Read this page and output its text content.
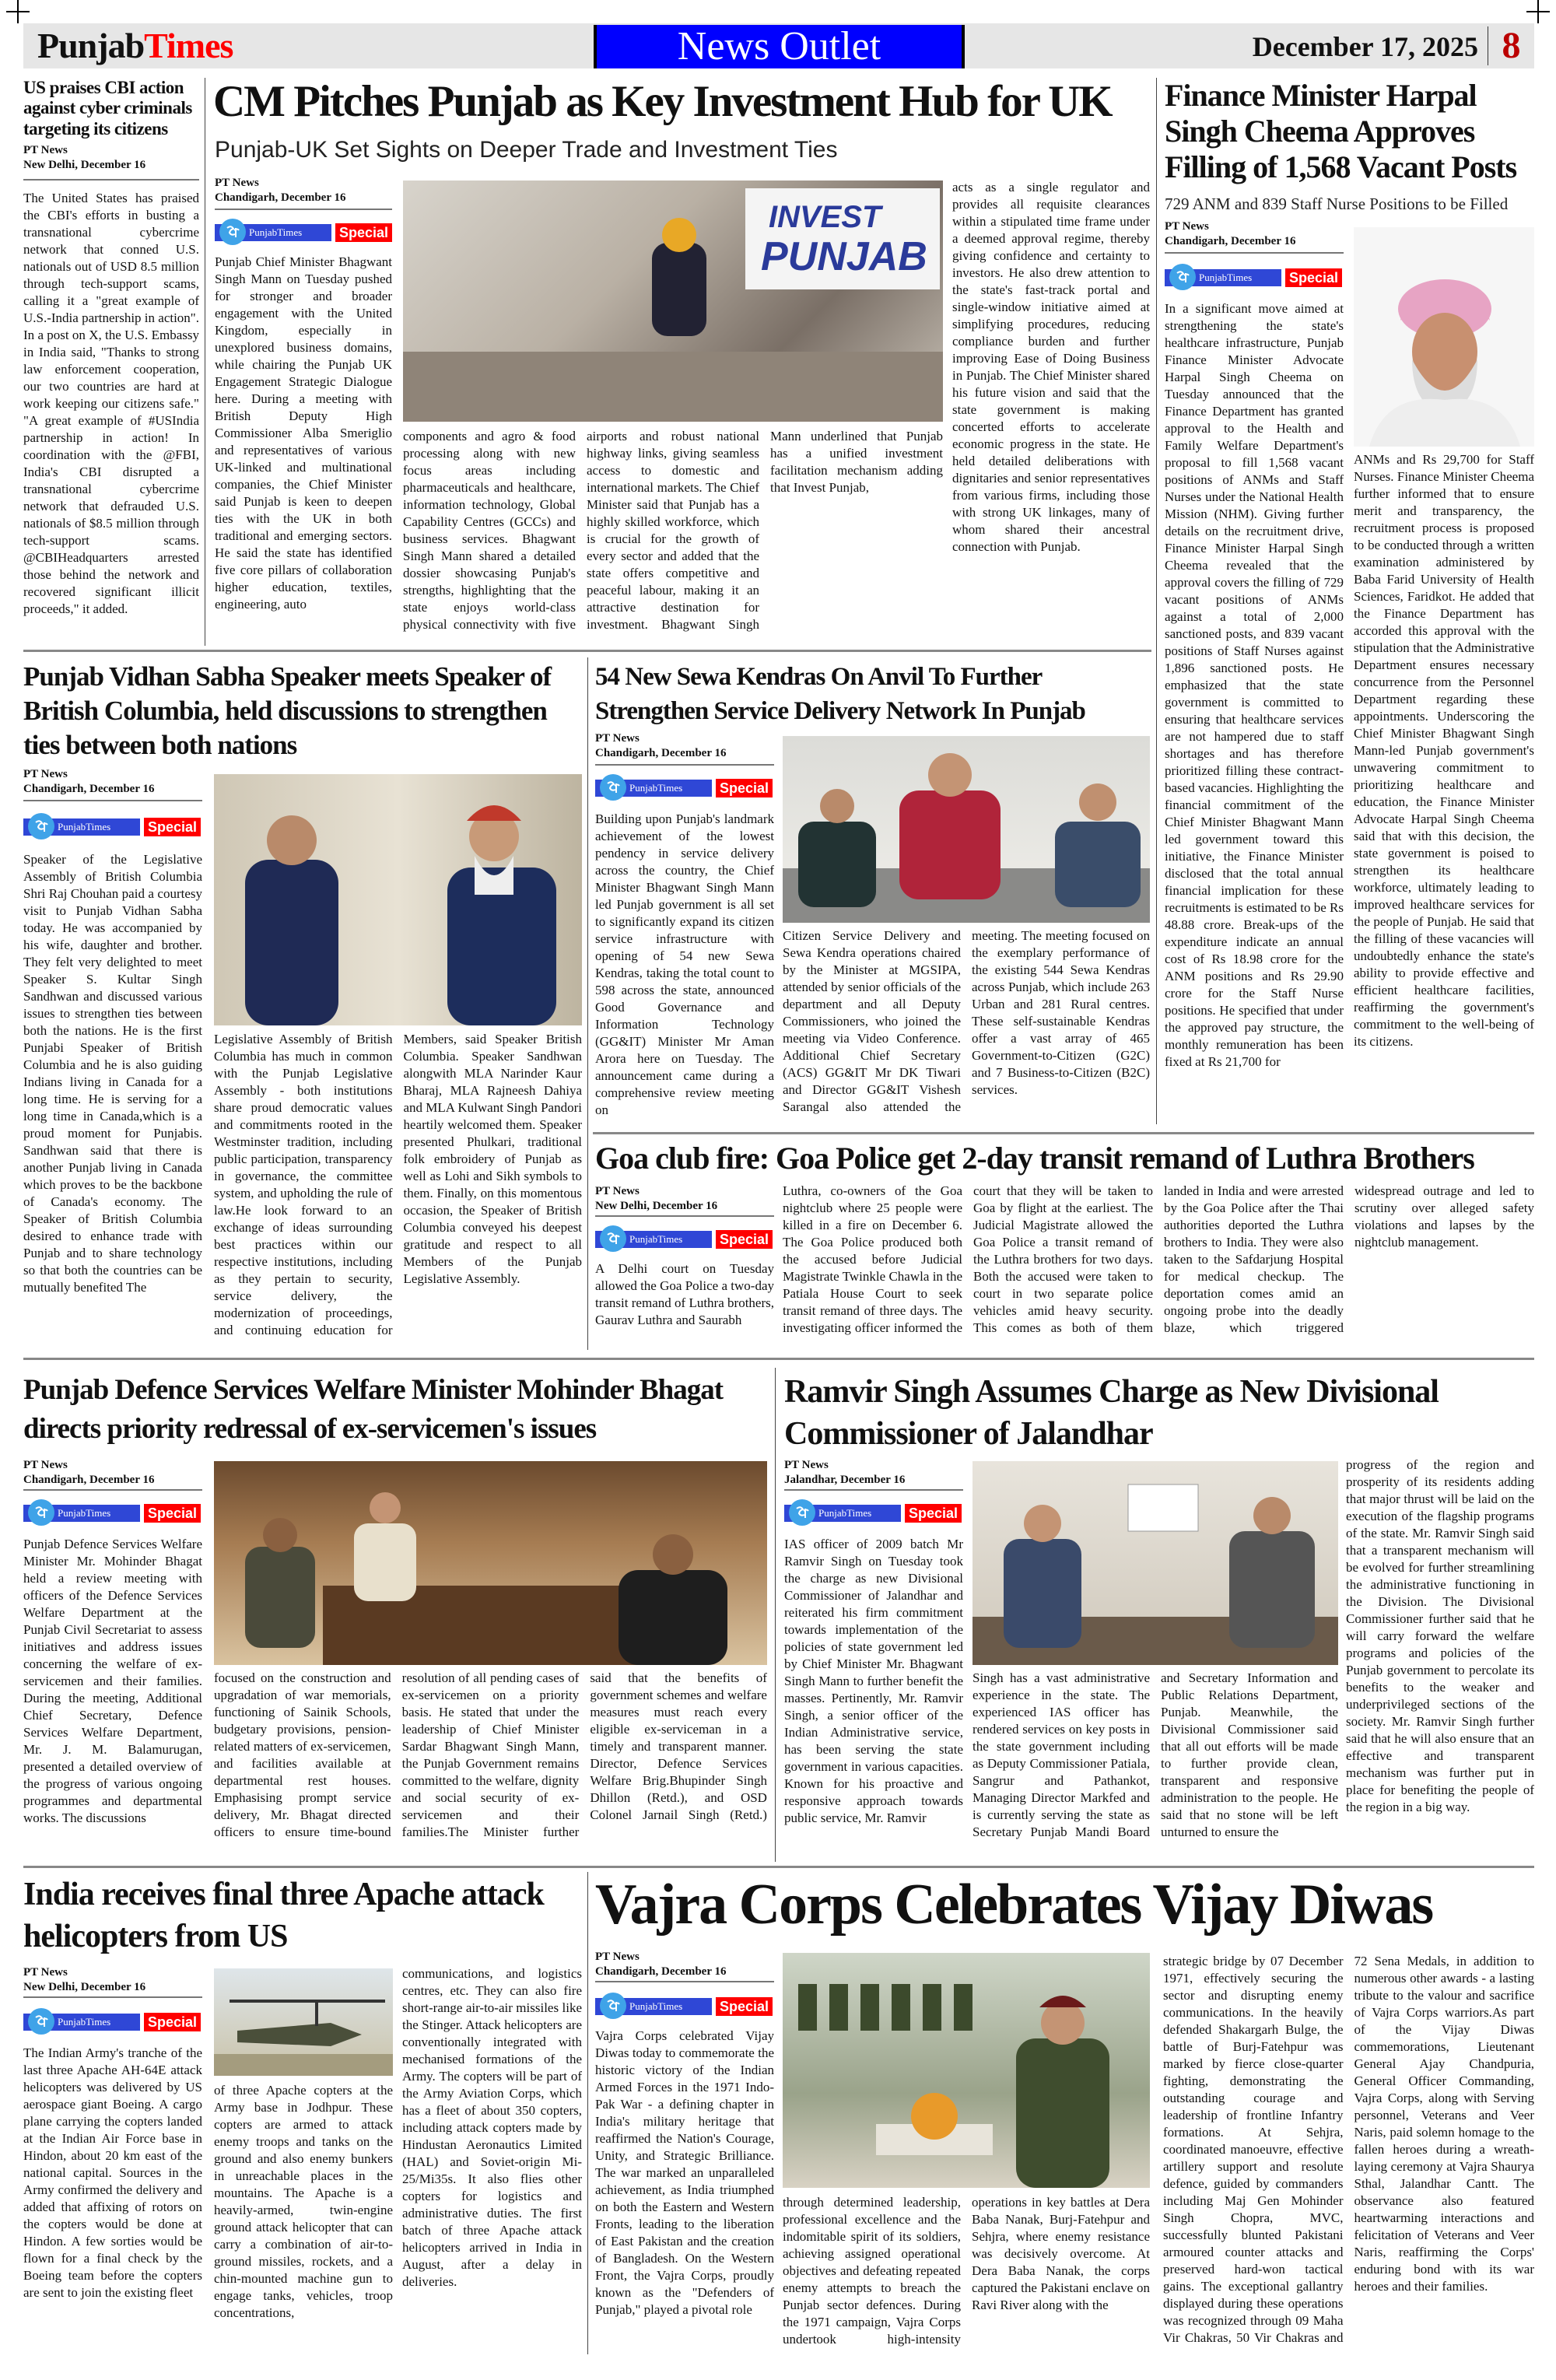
PunjabTimes	News Outlet	December 17, 2025 8
US praises CBI action against cyber criminals targeting its citizens
PT News
New Delhi, December 16
The United States has praised the CBI's efforts in busting a transnational cybercrime network that conned U.S. nationals out of USD 8.5 million through tech-support scams, calling it a "great example of U.S.-India partnership in action". In a post on X, the U.S. Embassy in India said, "Thanks to strong law enforcement cooperation, our two countries are hard at work keeping our citizens safe." "A great example of #USIndia partnership in action! In coordination with the @FBI, India's CBI disrupted a transnational cybercrime network that defrauded U.S. nationals of $8.5 million through tech-support scams. @CBIHeadquarters arrested those behind the network and recovered significant illicit proceeds," it added.
CM Pitches Punjab as Key Investment Hub for UK
Punjab-UK Set Sights on Deeper Trade and Investment Ties
PT News
Chandigarh, December 16
PunjabTimes	Special
Punjab Chief Minister Bhagwant Singh Mann on Tuesday pushed for stronger and broader engagement with the United Kingdom, especially in unexplored business domains, while chairing the Punjab UK Engagement Strategic Dialogue here. During a meeting with British Deputy High Commissioner Alba Smeriglio and representatives of various UK-linked and multinational companies, the Chief Minister said Punjab is keen to deepen ties with the UK in both traditional and emerging sectors. He said the state has identified five core pillars of collaboration higher education, textiles, engineering, auto
INVEST
PUNJAB
components and agro & food processing along with new focus areas including pharmaceuticals and healthcare, information technology, Global Capability Centres (GCCs) and business services. Bhagwant Singh Mann shared a detailed dossier showcasing Punjab's strengths, highlighting that the state enjoys world-class physical connectivity with five airports and robust national highway links, giving seamless access to domestic and international markets. The Chief Minister said that Punjab has a highly skilled workforce, which is crucial for the growth of every sector and added that the state offers competitive and peaceful labour, making it an attractive destination for investment. Bhagwant Singh Mann underlined that Punjab has a unified investment facilitation mechanism adding that Invest Punjab,
acts as a single regulator and provides all requisite clearances within a stipulated time frame under a deemed approval regime, thereby giving confidence and certainty to investors. He also drew attention to the state's fast-track portal and single-window initiative aimed at simplifying procedures, reducing compliance burden and further improving Ease of Doing Business in Punjab. The Chief Minister shared his future vision and said that the state government is making concerted efforts to accelerate economic progress in the state. He held detailed deliberations with dignitaries and senior representatives from various firms, including those with strong UK linkages, many of whom shared their ancestral connection with Punjab.
Finance Minister Harpal Singh Cheema Approves Filling of 1,568 Vacant Posts
729 ANM and 839 Staff Nurse Positions to be Filled
PT News
Chandigarh, December 16
PunjabTimes	Special
In a significant move aimed at strengthening the state's healthcare infrastructure, Punjab Finance Minister Advocate Harpal Singh Cheema on Tuesday announced that the Finance Department has granted approval to the Health and Family Welfare Department's proposal to fill 1,568 vacant positions of ANMs and Staff Nurses under the National Health Mission (NHM). Giving further details on the recruitment drive, Finance Minister Harpal Singh Cheema revealed that the approval covers the filling of 729 vacant positions of ANMs against a total of 2,000 sanctioned posts, and 839 vacant positions of Staff Nurses against 1,896 sanctioned posts. He emphasized that the state government is committed to ensuring that healthcare services are not hampered due to staff shortages and has therefore prioritized filling these contract-based vacancies. Highlighting the financial commitment of the Chief Minister Bhagwant Mann led government toward this initiative, the Finance Minister disclosed that the total annual financial implication for these recruitments is estimated to be Rs 48.88 crore. Break-ups of the expenditure indicate an annual cost of Rs 18.98 crore for the ANM positions and Rs 29.90 crore for the Staff Nurse positions. He specified that under the approved pay structure, the monthly remuneration has been fixed at Rs 21,700 for
ANMs and Rs 29,700 for Staff Nurses. Finance Minister Cheema further informed that to ensure merit and transparency, the recruitment process is proposed to be conducted through a written examination administered by Baba Farid University of Health Sciences, Faridkot. He added that the Finance Department has accorded this approval with the stipulation that the Administrative Department ensures necessary concurrence from the Personnel Department regarding these appointments. Underscoring the Chief Minister Bhagwant Singh Mann-led Punjab government's unwavering commitment to prioritizing healthcare and education, the Finance Minister Advocate Harpal Singh Cheema said that with this decision, the state government is poised to strengthen its healthcare workforce, ultimately leading to improved healthcare services for the people of Punjab. He said that the filling of these vacancies will undoubtedly enhance the state's ability to provide effective and efficient healthcare facilities, reaffirming the government's commitment to the well-being of its citizens.
Punjab Vidhan Sabha Speaker meets Speaker of British Columbia, held discussions to strengthen ties between both nations
PT News
Chandigarh, December 16
PunjabTimes	Special
Speaker of the Legislative Assembly of British Columbia Shri Raj Chouhan paid a courtesy visit to Punjab Vidhan Sabha today. He was accompanied by his wife, daughter and brother. They felt very delighted to meet Speaker S. Kultar Singh Sandhwan and discussed various issues to strengthen ties between both the nations. He is the first Punjabi Speaker of British Columbia and he is also guiding Indians living in Canada for a long time. He is serving for a long time in Canada,which is a proud moment for Punjabis. Sandhwan said that there is another Punjab living in Canada which proves to be the backbone of Canada's economy. The Speaker of British Columbia desired to enhance trade with Punjab and to share technology so that both the countries can be mutually benefited The
Legislative Assembly of British Columbia has much in common with the Punjab Legislative Assembly - both institutions share proud democratic values and commitments rooted in the Westminster tradition, including public participation, transparency in governance, the committee system, and upholding the rule of law.He look forward to an exchange of ideas surrounding best practices within our respective institutions, including as they pertain to security, service delivery, the modernization of proceedings, and continuing education for Members, said Speaker British Columbia. Speaker Sandhwan alongwith MLA Narinder Kaur Bharaj, MLA Rajneesh Dahiya and MLA Kulwant Singh Pandori heartily welcomed them. Speaker presented Phulkari, traditional folk embroidery of Punjab as well as Lohi and Sikh symbols to them. Finally, on this momentous occasion, the Speaker of British Columbia conveyed his deepest gratitude and respect to all Members of the Punjab Legislative Assembly.
54 New Sewa Kendras On Anvil To Further Strengthen Service Delivery Network In Punjab
PT News
Chandigarh, December 16
PunjabTimes	Special
Building upon Punjab's landmark achievement of the lowest pendency in service delivery across the country, the Chief Minister Bhagwant Singh Mann led Punjab government is all set to significantly expand its citizen service infrastructure with opening of 54 new Sewa Kendras, taking the total count to 598 across the state, announced Good Governance and Information Technology (GG&IT) Minister Mr Aman Arora here on Tuesday. The announcement came during a comprehensive review meeting on
Citizen Service Delivery and Sewa Kendra operations chaired by the Minister at MGSIPA, attended by senior officials of the department and all Deputy Commissioners, who joined the meeting via Video Conference. Additional Chief Secretary (ACS) GG&IT Mr DK Tiwari and Director GG&IT Vishesh Sarangal also attended the meeting. The meeting focused on the exemplary performance of the existing 544 Sewa Kendras across Punjab, which include 263 Urban and 281 Rural centres. These self-sustainable Kendras offer a vast array of 465 Government-to-Citizen (G2C) and 7 Business-to-Citizen (B2C) services.
Goa club fire: Goa Police get 2-day transit remand of Luthra Brothers
PT News
New Delhi, December 16
PunjabTimes	Special
A Delhi court on Tuesday allowed the Goa Police a two-day transit remand of Luthra brothers, Gaurav Luthra and Saurabh
Luthra, co-owners of the Goa nightclub where 25 people were killed in a fire on December 6. The Goa Police produced both the accused before Judicial Magistrate Twinkle Chawla in the Patiala House Court to seek transit remand of three days. The investigating officer informed the court that they will be taken to Goa by flight at the earliest. The Judicial Magistrate allowed the Goa Police a transit remand of the Luthra brothers for two days. Both the accused were taken to court in two separate police vehicles amid heavy security. This comes as both of them landed in India and were arrested by the Goa Police after the Thai authorities deported the Luthra brothers to India. They were also taken to the Safdarjung Hospital for medical checkup. The deportation comes amid an ongoing probe into the deadly blaze, which triggered widespread outrage and led to scrutiny over alleged safety violations and lapses by the nightclub management.
Punjab Defence Services Welfare Minister Mohinder Bhagat directs priority redressal of ex-servicemen's issues
PT News
Chandigarh, December 16
PunjabTimes	Special
Punjab Defence Services Welfare Minister Mr. Mohinder Bhagat held a review meeting with officers of the Defence Services Welfare Department at the Punjab Civil Secretariat to assess initiatives and address issues concerning the welfare of ex-servicemen and their families. During the meeting, Additional Chief Secretary, Defence Services Welfare Department, Mr. J. M. Balamurugan, presented a detailed overview of the progress of various ongoing programmes and departmental works. The discussions
focused on the construction and upgradation of war memorials, functioning of Sainik Schools, budgetary provisions, pension-related matters of ex-servicemen, and facilities available at departmental rest houses. Emphasising prompt service delivery, Mr. Bhagat directed officers to ensure time-bound resolution of all pending cases of ex-servicemen on a priority basis. He stated that under the leadership of Chief Minister Sardar Bhagwant Singh Mann, the Punjab Government remains committed to the welfare, dignity and social security of ex-servicemen and their families.The Minister further said that the benefits of government schemes and welfare measures must reach every eligible ex-serviceman in a timely and transparent manner. Director, Defence Services Welfare Brig.Bhupinder Singh Dhillon (Retd.), and OSD Colonel Jarnail Singh (Retd.)
Ramvir Singh Assumes Charge as New Divisional Commissioner of Jalandhar
PT News
Jalandhar, December 16
PunjabTimes	Special
IAS officer of 2009 batch Mr Ramvir Singh on Tuesday took the charge as new Divisional Commissioner of Jalandhar and reiterated his firm commitment towards implementation of the policies of state government led by Chief Minister Mr. Bhagwant Singh Mann to further benefit the masses. Pertinently, Mr. Ramvir Singh, a senior officer of the Indian Administrative service, has been serving the state government in various capacities. Known for his proactive and responsive approach towards public service, Mr. Ramvir
Singh has a vast administrative experience in the state. The experienced IAS officer has rendered services on key posts in the state government including as Deputy Commissioner Patiala, Sangrur and Pathankot, Managing Director Markfed and is currently serving the state as Secretary Punjab Mandi Board and Secretary Information and Public Relations Department, Punjab. Meanwhile, the Divisional Commissioner said that all out efforts will be made to further provide clean, transparent and responsive administration to the people. He said that no stone will be left unturned to ensure the
progress of the region and prosperity of its residents adding that major thrust will be laid on the execution of the flagship programs of the state. Mr. Ramvir Singh said that a transparent mechanism will be evolved for further streamlining the administrative functioning in the Division. The Divisional Commissioner further said that he will carry forward the welfare programs and policies of the Punjab government to percolate its benefits to the weaker and underprivileged sections of the society. Mr. Ramvir Singh further said that he will also ensure that an effective and transparent mechanism was further put in place for benefiting the people of the region in a big way.
India receives final three Apache attack helicopters from US
PT News
New Delhi, December 16
PunjabTimes	Special
The Indian Army's tranche of the last three Apache AH-64E attack helicopters was delivered by US aerospace giant Boeing. A cargo plane carrying the copters landed at the Indian Air Force base in Hindon, about 20 km east of the national capital. Sources in the Army confirmed the delivery and added that affixing of rotors on the copters would be done at Hindon. A few sorties would be flown for a final check by the Boeing team before the copters are sent to join the existing fleet
of three Apache copters at the Army base in Jodhpur. These copters are armed to attack enemy troops and tanks on the ground and also enemy bunkers in unreachable places in the mountains. The Apache is a heavily-armed, twin-engine ground attack helicopter that can carry a combination of air-to-ground missiles, rockets, and a chin-mounted machine gun to engage tanks, vehicles, troop concentrations,
communications, and logistics centres, etc. They can also fire short-range air-to-air missiles like the Stinger. Attack helicopters are conventionally integrated with mechanised formations of the Army. The copters will be part of the Army Aviation Corps, which has a fleet of about 350 copters, including attack copters made by Hindustan Aeronautics Limited (HAL) and Soviet-origin Mi-25/Mi35s. It also flies other copters for logistics and administrative duties. The first batch of three Apache attack helicopters arrived in India in August, after a delay in deliveries.
Vajra Corps Celebrates Vijay Diwas
PT News
Chandigarh, December 16
PunjabTimes	Special
Vajra Corps celebrated Vijay Diwas today to commemorate the historic victory of the Indian Armed Forces in the 1971 Indo-Pak War - a defining chapter in India's military heritage that reaffirmed the Nation's Courage, Unity, and Strategic Brilliance. The war marked an unparalleled achievement, as India triumphed on both the Eastern and Western Fronts, leading to the liberation of East Pakistan and the creation of Bangladesh. On the Western Front, the Vajra Corps, proudly known as the "Defenders of Punjab," played a pivotal role
through determined leadership, professional excellence and the indomitable spirit of its soldiers, achieving assigned operational objectives and defeating repeated enemy attempts to breach the Punjab sector defences. During the 1971 campaign, Vajra Corps undertook high-intensity operations in key battles at Dera Baba Nanak, Burj-Fatehpur and Sehjra, where enemy resistance was decisively overcome. At Dera Baba Nanak, the corps captured the Pakistani enclave on Ravi River along with the
strategic bridge by 07 December 1971, effectively securing the sector and disrupting enemy communications. In the heavily defended Shakargarh Bulge, the battle of Burj-Fatehpur was marked by fierce close-quarter fighting, demonstrating the outstanding courage and leadership of frontline Infantry formations. At Sehjra, coordinated manoeuvre, effective artillery support and resolute defence, guided by commanders including Maj Gen Mohinder Singh Chopra, MVC, successfully blunted Pakistani armoured counter attacks and preserved hard-won tactical gains. The exceptional gallantry displayed during these operations was recognized through 09 Maha Vir Chakras, 50 Vir Chakras and 72 Sena Medals, in addition to numerous other awards - a lasting tribute to the valour and sacrifice of Vajra Corps warriors.As part of the Vijay Diwas commemorations, Lieutenant General Ajay Chandpuria, General Officer Commanding, Vajra Corps, along with Serving personnel, Veterans and Veer Naris, paid solemn homage to the fallen heroes during a wreath-laying ceremony at Vajra Shaurya Sthal, Jalandhar Cantt. The observance also featured heartwarming interactions and felicitation of Veterans and Veer Naris, reaffirming the Corps' enduring bond with its war heroes and their families.
